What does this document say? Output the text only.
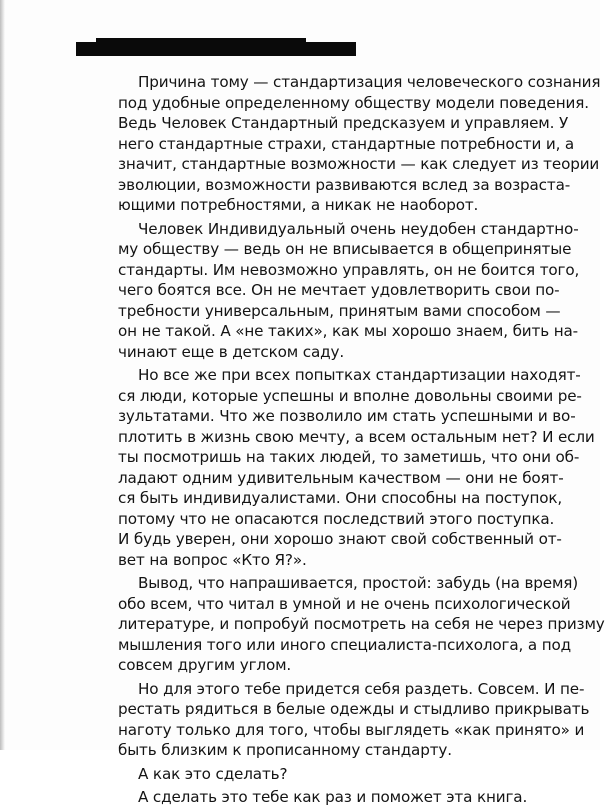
Причина тому — стандартизация человеческого сознания
под удобные определенному обществу модели поведения.
Ведь Человек Стандартный предсказуем и управляем. У
него стандартные страхи, стандартные потребности и, а
значит, стандартные возможности — как следует из теории
эволюции, возможности развиваются вслед за возраста-
ющими потребностями, а никак не наоборот.

Человек Индивидуальный очень неудобен стандартно-
му обществу — ведь он не вписывается в общепринятые
стандарты. Им невозможно управлять, он не боится того,
чего боятся все. Он не мечтает удовлетворить свои по-
требности универсальным, принятым вами способом —
он не такой. А «не таких», как мы хорошо знаем, бить на-
чинают еще в детском саду.

Но все же при всех попытках стандартизации находят-
ся люди, которые успешны и вполне довольны своими ре-
зультатами. Что же позволило им стать успешными и во-
плотить в жизнь свою мечту, а всем остальным нет? И если
ты посмотришь на таких людей, то заметишь, что они об-
ладают одним удивительным качеством — они не боят-
ся быть индивидуалистами. Они способны на поступок,
потому что не опасаются последствий этого поступка.
И будь уверен, они хорошо знают свой собственный от-
вет на вопрос «Кто Я?».

Вывод, что напрашивается, простой: забудь (на время)
обо всем, что читал в умной и не очень психологической
литературе, и попробуй посмотреть на себя не через призму
мышления того или иного специалиста-психолога, а под
совсем другим углом.

Но для этого тебе придется себя раздеть. Совсем. И пе-
рестать рядиться в белые одежды и стыдливо прикрывать
наготу только для того, чтобы выглядеть «как принято» и
быть близким к прописанному стандарту.

А как это сделать?

А сделать это тебе как раз и поможет эта книга.
